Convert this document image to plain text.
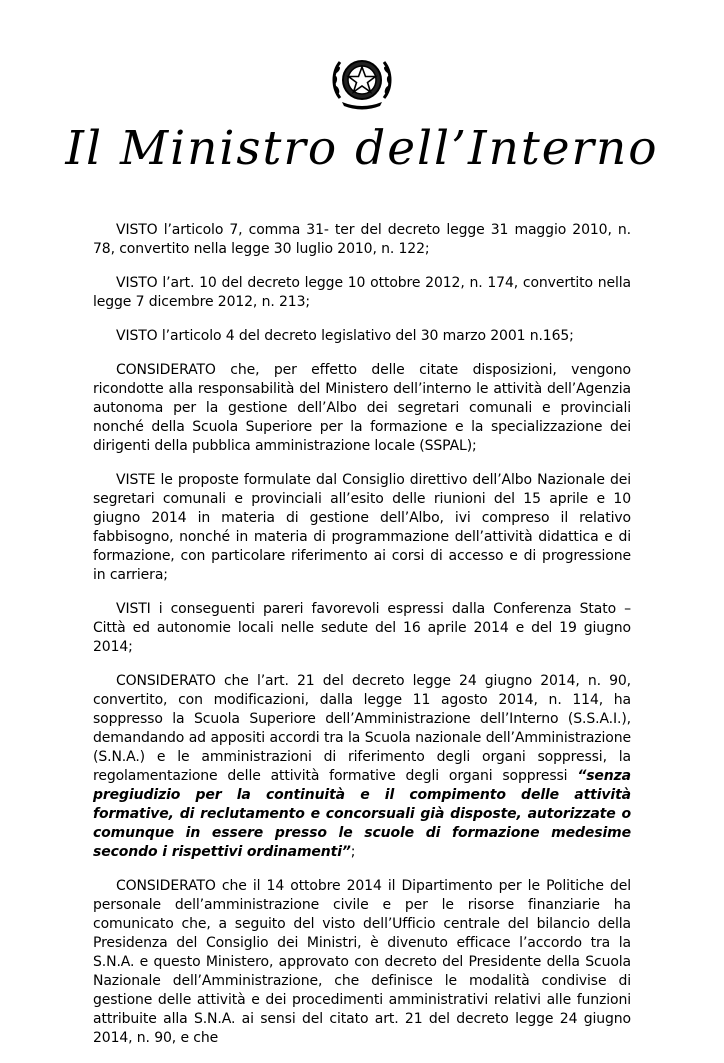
Il Ministro dell’Interno

VISTO l’articolo 7, comma 31- ter del decreto legge 31 maggio 2010, n. 78, convertito nella legge 30 luglio 2010, n. 122;

VISTO l’art. 10 del decreto legge 10 ottobre 2012, n. 174, convertito nella legge 7 dicembre 2012, n. 213;

VISTO l’articolo 4 del decreto legislativo del 30 marzo 2001 n.165;

CONSIDERATO che, per effetto delle citate disposizioni, vengono ricondotte alla responsabilità del Ministero dell’interno le attività dell’Agenzia autonoma per la gestione dell’Albo dei segretari comunali e provinciali nonché della Scuola Superiore per la formazione e la specializzazione dei dirigenti della pubblica amministrazione locale (SSPAL);

VISTE le proposte formulate dal Consiglio direttivo dell’Albo Nazionale dei segretari comunali e provinciali all’esito delle riunioni del 15 aprile e 10 giugno 2014 in materia di gestione dell’Albo, ivi compreso il relativo fabbisogno, nonché in materia di programmazione dell’attività didattica e di formazione, con particolare riferimento ai corsi di accesso e di progressione in carriera;

VISTI i conseguenti pareri favorevoli espressi dalla Conferenza Stato – Città ed autonomie locali nelle sedute del 16 aprile 2014 e del 19 giugno 2014;

CONSIDERATO che l’art. 21 del decreto legge 24 giugno 2014, n. 90, convertito, con modificazioni, dalla legge 11 agosto 2014, n. 114, ha soppresso la Scuola Superiore dell’Amministrazione dell’Interno (S.S.A.I.), demandando ad appositi accordi tra la Scuola nazionale dell’Amministrazione (S.N.A.) e le amministrazioni di riferimento degli organi soppressi, la regolamentazione delle attività formative degli organi soppressi “senza pregiudizio per la continuità e il compimento delle attività formative, di reclutamento e concorsuali già disposte, autorizzate o comunque in essere presso le scuole di formazione medesime secondo i rispettivi ordinamenti”;

CONSIDERATO che il 14 ottobre 2014 il Dipartimento per le Politiche del personale dell’amministrazione civile e per le risorse finanziarie ha comunicato che, a seguito del visto dell’Ufficio centrale del bilancio della Presidenza del Consiglio dei Ministri, è divenuto efficace l’accordo tra la S.N.A. e questo Ministero, approvato con decreto del Presidente della Scuola Nazionale dell’Amministrazione, che definisce le modalità condivise di gestione delle attività e dei procedimenti amministrativi relativi alle funzioni attribuite alla S.N.A. ai sensi del citato art. 21 del decreto legge 24 giugno 2014, n. 90, e che
